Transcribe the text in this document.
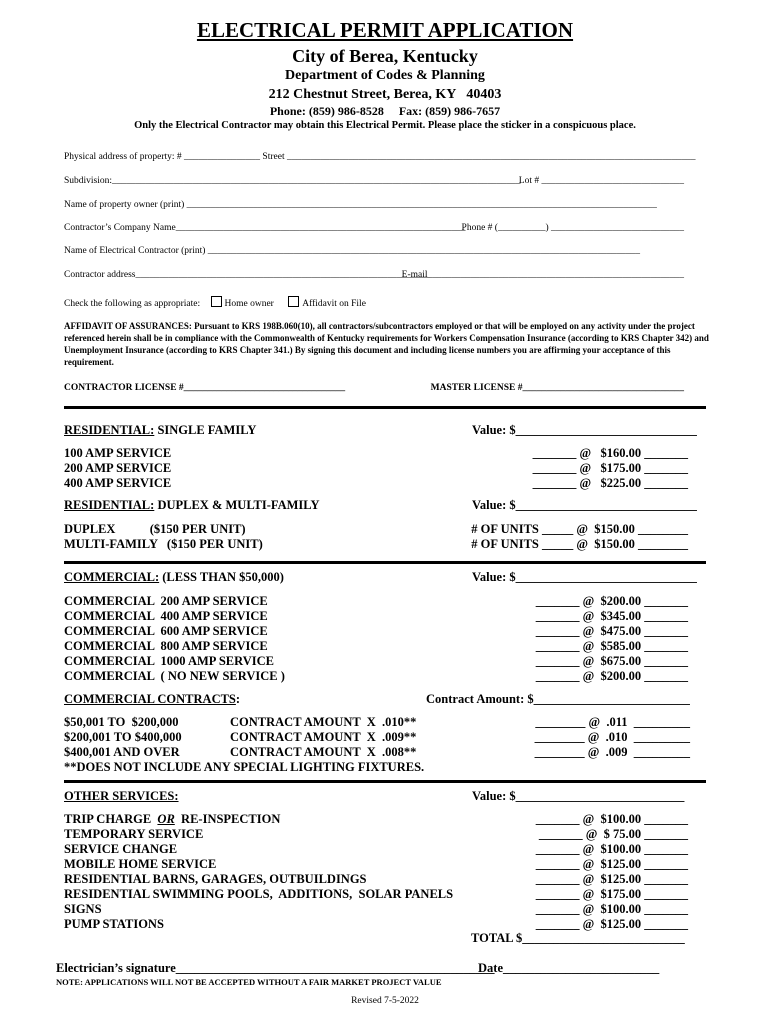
ELECTRICAL PERMIT APPLICATION
City of Berea, Kentucky
Department of Codes & Planning
212 Chestnut Street, Berea, KY   40403
Phone: (859) 986-8528     Fax: (859) 986-7657
Only the Electrical Contractor may obtain this Electrical Permit. Please place the sticker in a conspicuous place.
Physical address of property: # ________________ Street ______________________________________________________________________________________
Subdivision:______________________________________________________________________________________
Lot # ______________________________
Name of property owner (print) ___________________________________________________________________________________________________
Contractor’s Company Name_____________________________________________________________
Phone # (__________) ____________________________
Name of Electrical Contractor (print) ___________________________________________________________________________________________
Contractor address______________________________________________________________
E-mail______________________________________________________
Check the following as appropriate:	Home owner	Affidavit on File
AFFIDAVIT OF ASSURANCES: Pursuant to KRS 198B.060(10), all contractors/subcontractors employed or that will be employed on any activity under the project referenced herein shall be in compliance with the Commonwealth of Kentucky requirements for Workers Compensation Insurance (according to KRS Chapter 342) and Unemployment Insurance (according to KRS Chapter 341.) By signing this document and including license numbers you are affirming your acceptance of this requirement.
CONTRACTOR LICENSE #__________________________________	MASTER LICENSE #__________________________________
RESIDENTIAL: SINGLE FAMILY	Value: $_____________________________
RESIDENTIAL: DUPLEX & MULTI-FAMILY	Value: $_____________________________
COMMERCIAL: (LESS THAN $50,000)	Value: $_____________________________
COMMERCIAL CONTRACTS:	Contract Amount: $_________________________
**DOES NOT INCLUDE ANY SPECIAL LIGHTING FIXTURES.
OTHER SERVICES:	Value: $___________________________
TOTAL $__________________________
Electrician’s signature___________________________________________________
Date_________________________
NOTE: APPLICATIONS WILL NOT BE ACCEPTED WITHOUT A FAIR MARKET PROJECT VALUE
Revised 7-5-2022
100 AMP SERVICE	_______ @   $160.00 _______
200 AMP SERVICE	_______ @   $175.00 _______
400 AMP SERVICE	_______ @   $225.00 _______
DUPLEX           ($150 PER UNIT)	# OF UNITS _____ @  $150.00 ________
MULTI-FAMILY   ($150 PER UNIT)	# OF UNITS _____ @  $150.00 ________
COMMERCIAL  200 AMP SERVICE	_______ @  $200.00 _______
COMMERCIAL  400 AMP SERVICE	_______ @  $345.00 _______
COMMERCIAL  600 AMP SERVICE	_______ @  $475.00 _______
COMMERCIAL  800 AMP SERVICE	_______ @  $585.00 _______
COMMERCIAL  1000 AMP SERVICE	_______ @  $675.00 _______
COMMERCIAL  ( NO NEW SERVICE )	_______ @  $200.00 _______
$50,001 TO  $200,000	CONTRACT AMOUNT  X  .010**	________ @  .011  _________
$200,001 TO $400,000	CONTRACT AMOUNT  X  .009**	________ @  .010  _________
$400,001 AND OVER	CONTRACT AMOUNT  X  .008**	________ @  .009  _________
TRIP CHARGE  OR  RE-INSPECTION	_______ @  $100.00 _______
TEMPORARY SERVICE	_______ @  $ 75.00 _______
SERVICE CHANGE	_______ @  $100.00 _______
MOBILE HOME SERVICE	_______ @  $125.00 _______
RESIDENTIAL BARNS, GARAGES, OUTBUILDINGS	_______ @  $125.00 _______
RESIDENTIAL SWIMMING POOLS,  ADDITIONS,  SOLAR PANELS	_______ @  $175.00 _______
SIGNS	_______ @  $100.00 _______
PUMP STATIONS	_______ @  $125.00 _______
